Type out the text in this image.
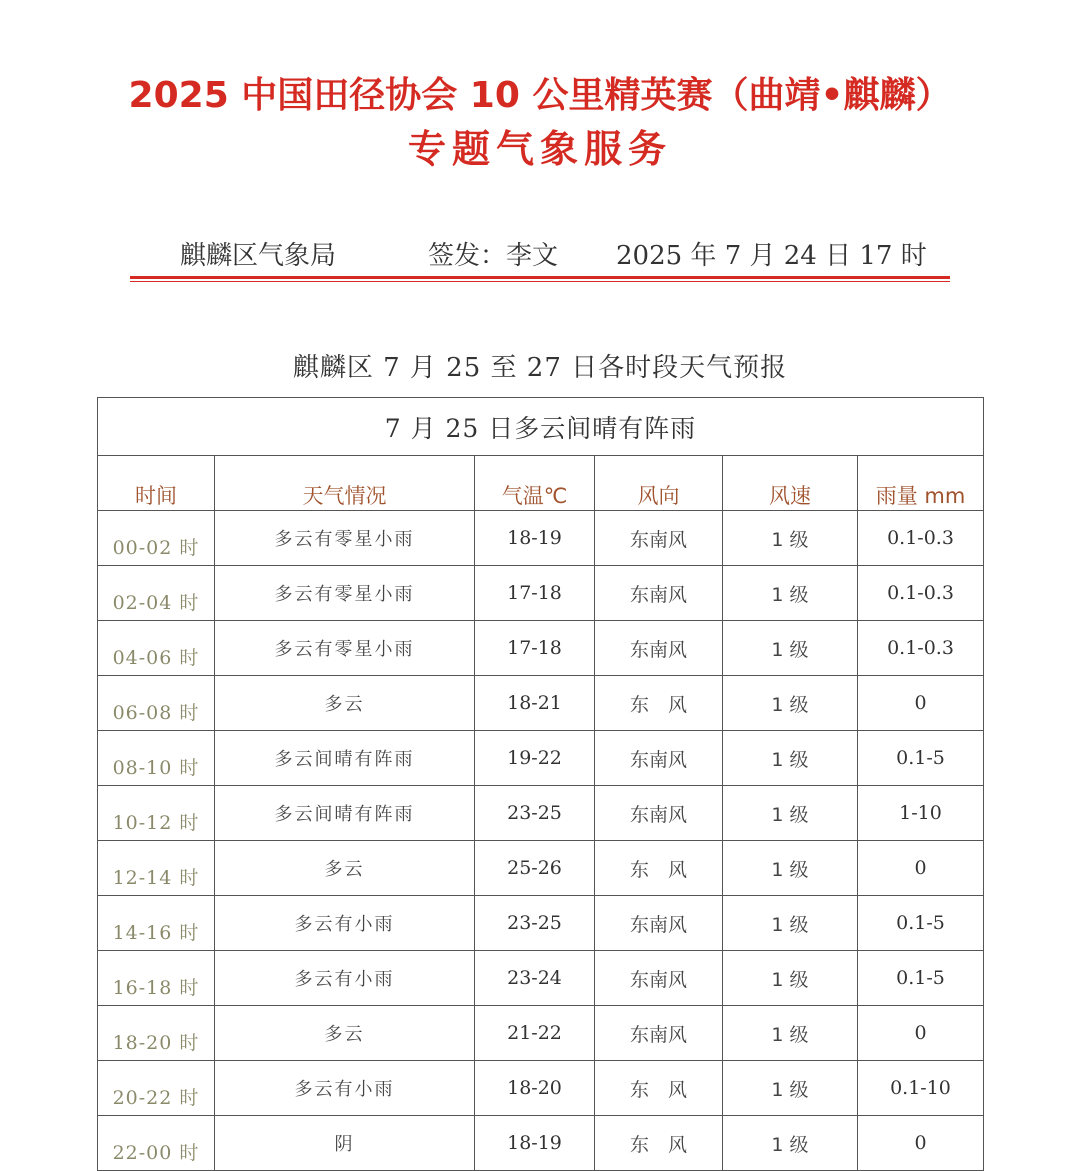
2025 中国田径协会 10 公里精英赛（曲靖•麒麟）
专题气象服务
麒麟区气象局	签发：李文 2025 年 7 月 24 日 17 时
麒麟区 7 月 25 至 27 日各时段天气预报
7 月 25 日多云间晴有阵雨					
时间	天气情况	气温℃	风向	风速	雨量 mm
00-02 时	多云有零星小雨	18-19	东南风	1 级	0.1-0.3
02-04 时	多云有零星小雨	17-18	东南风	1 级	0.1-0.3
04-06 时	多云有零星小雨	17-18	东南风	1 级	0.1-0.3
06-08 时	多云	18-21	东　风	1 级	0
08-10 时	多云间晴有阵雨	19-22	东南风	1 级	0.1-5
10-12 时	多云间晴有阵雨	23-25	东南风	1 级	1-10
12-14 时	多云	25-26	东　风	1 级	0
14-16 时	多云有小雨	23-25	东南风	1 级	0.1-5
16-18 时	多云有小雨	23-24	东南风	1 级	0.1-5
18-20 时	多云	21-22	东南风	1 级	0
20-22 时	多云有小雨	18-20	东　风	1 级	0.1-10
22-00 时	阴	18-19	东　风	1 级	0
